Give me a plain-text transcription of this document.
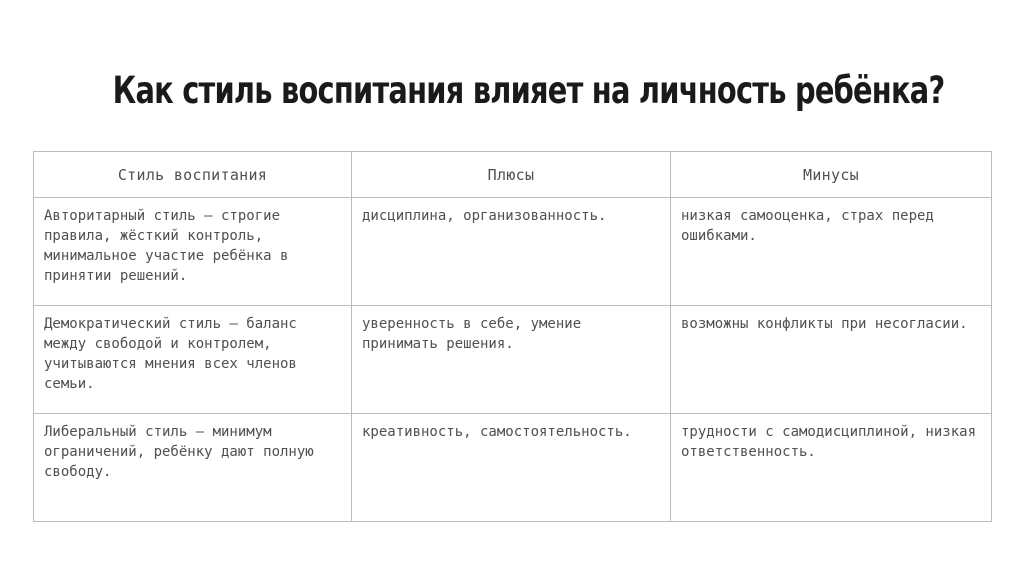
Как стиль воспитания влияет на личность ребёнка?
Стиль воспитания	Плюсы	Минусы
Авторитарный стиль – строгие правила, жёсткий контроль, минимальное участие ребёнка в принятии решений.	дисциплина, организованность.	низкая самооценка, страх перед ошибками.
Демократический стиль – баланс между свободой и контролем, учитываются мнения всех членов семьи.	уверенность в себе, умение принимать решения.	возможны конфликты при несогласии.
Либеральный стиль – минимум ограничений, ребёнку дают полную свободу.	креативность, самостоятельность.	трудности с самодисциплиной, низкая ответственность.
